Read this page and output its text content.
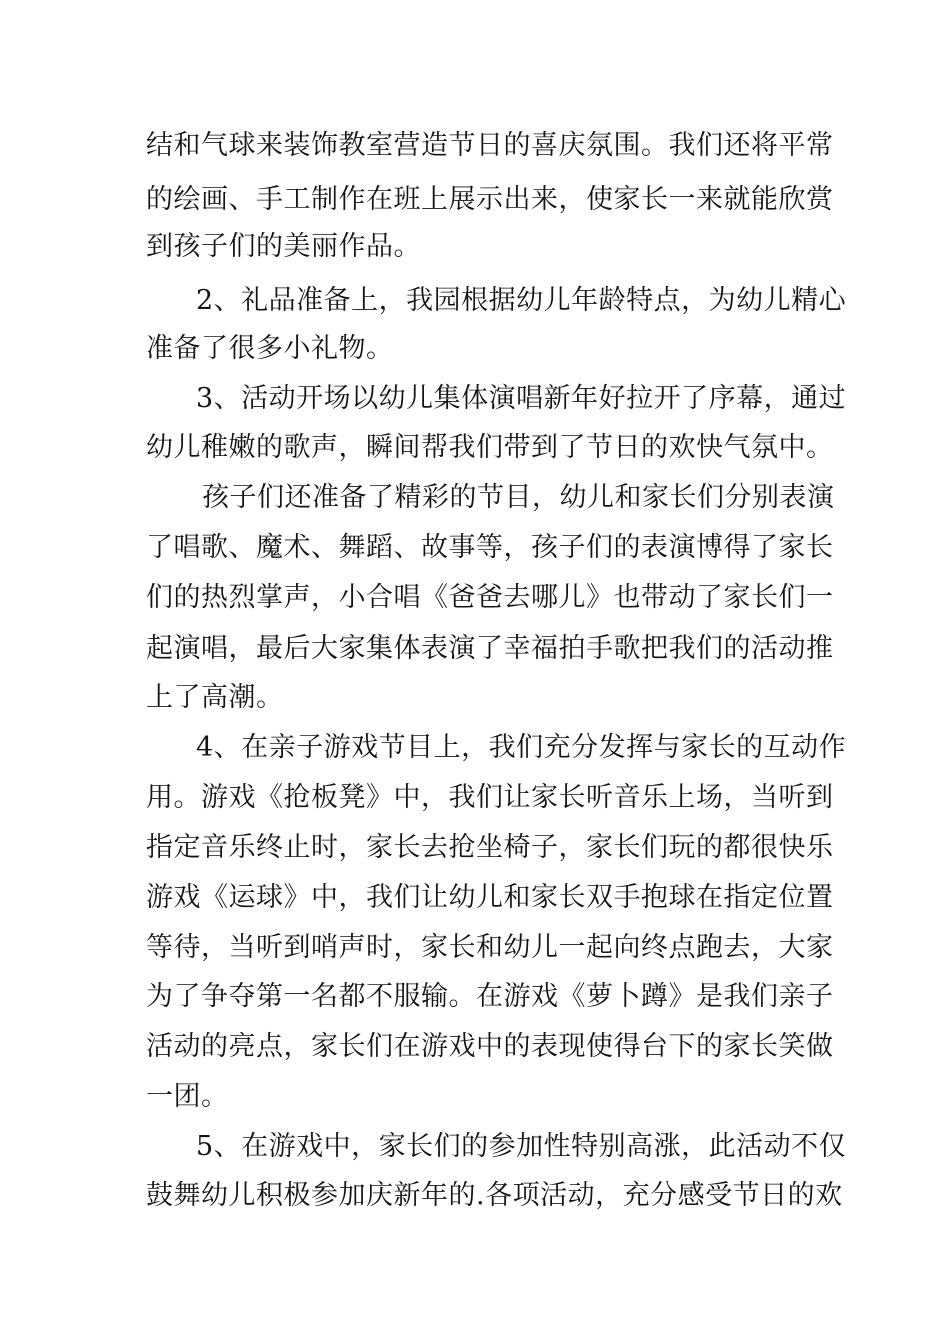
结和气球来装饰教室营造节日的喜庆氛围。我们还将平常

的绘画、手工制作在班上展示出来，使家长一来就能欣赏

到孩子们的美丽作品。

2、礼品准备上，我园根据幼儿年龄特点，为幼儿精心

准备了很多小礼物。

3、活动开场以幼儿集体演唱新年好拉开了序幕，通过

幼儿稚嫩的歌声，瞬间帮我们带到了节日的欢快气氛中。

孩子们还准备了精彩的节目，幼儿和家长们分别表演

了唱歌、魔术、舞蹈、故事等，孩子们的表演博得了家长

们的热烈掌声，小合唱《爸爸去哪儿》也带动了家长们一

起演唱，最后大家集体表演了幸福拍手歌把我们的活动推

上了高潮。

4、在亲子游戏节目上，我们充分发挥与家长的互动作

用。游戏《抢板凳》中，我们让家长听音乐上场，当听到

指定音乐终止时，家长去抢坐椅子，家长们玩的都很快乐

游戏《运球》中，我们让幼儿和家长双手抱球在指定位置

等待，当听到哨声时，家长和幼儿一起向终点跑去，大家

为了争夺第一名都不服输。在游戏《萝卜蹲》是我们亲子

活动的亮点，家长们在游戏中的表现使得台下的家长笑做

一团。

5、在游戏中，家长们的参加性特别高涨，此活动不仅

鼓舞幼儿积极参加庆新年的.各项活动，充分感受节日的欢
